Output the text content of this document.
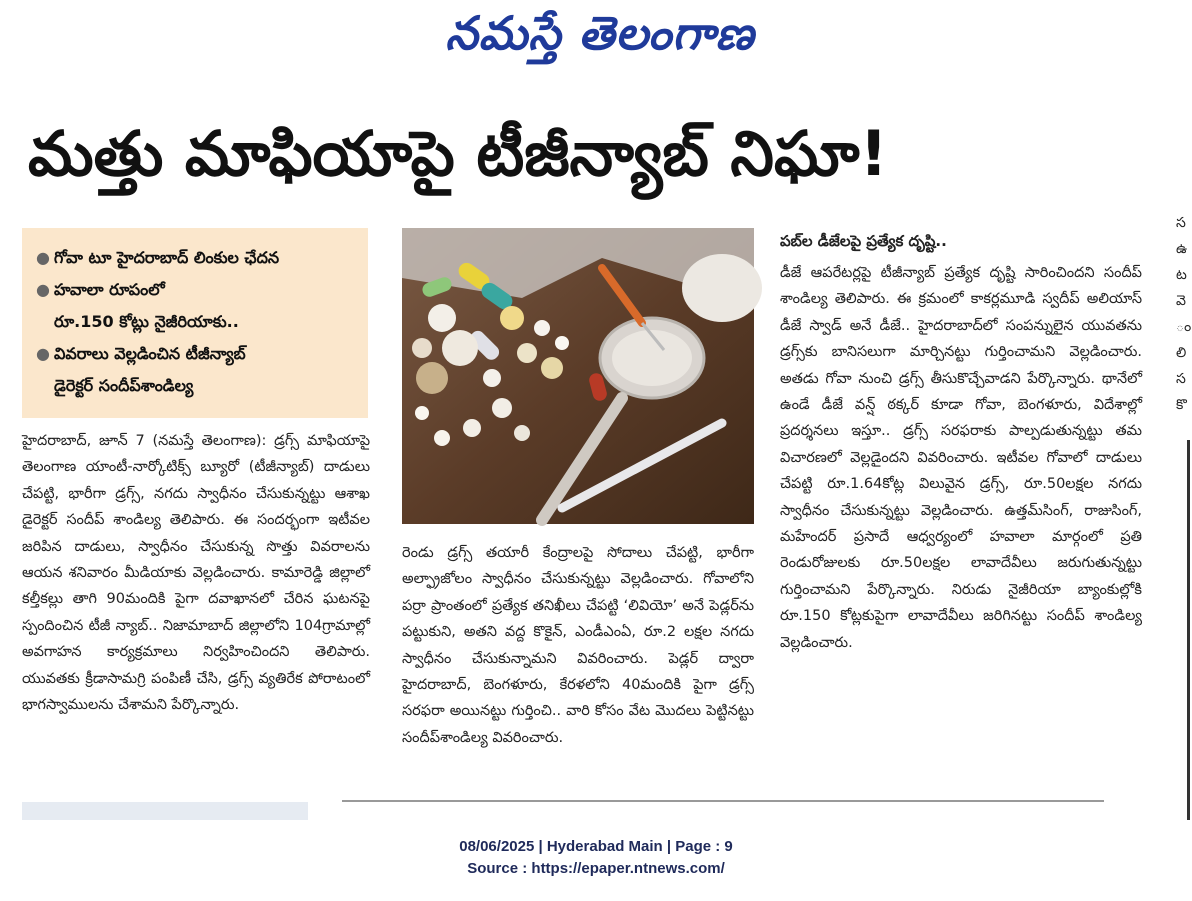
నమస్తే తెలంగాణ
మత్తు మాఫియాపై టీజీన్యాబ్ నిఘా!
● గోవా టూ హైదరాబాద్ లింకుల ఛేదన
● హవాలా రూపంలో
రూ.150 కోట్లు నైజీరియాకు..
● వివరాలు వెల్లడించిన టీజీన్యాబ్
డైరెక్టర్ సందీప్‌శాండిల్య
హైదరాబాద్, జూన్ 7 (నమస్తే తెలంగాణ): డ్రగ్స్ మాఫియాపై తెలంగాణ యాంటీ-నార్కోటిక్స్ బ్యూరో (టీజీన్యాబ్) దాడులు చేపట్టి, భారీగా డ్రగ్స్, నగదు స్వాధీనం చేసుకున్నట్టు ఆశాఖ డైరెక్టర్ సందీప్ శాండిల్య తెలిపారు. ఈ సందర్భంగా ఇటీవల జరిపిన దాడులు, స్వాధీనం చేసుకున్న సొత్తు వివరాలను ఆయన శనివారం మీడియాకు వెల్లడించారు. కామారెడ్డి జిల్లాలో కల్తీకల్లు తాగి 90మందికి పైగా దవాఖానలో చేరిన ఘటనపై స్పందించిన టీజీ న్యాబ్.. నిజామాబాద్ జిల్లాలోని 104గ్రామాల్లో అవగాహన కార్యక్రమాలు నిర్వహించిందని తెలిపారు. యువతకు క్రీడాసామగ్రి పంపిణీ చేసి, డ్రగ్స్ వ్యతిరేక పోరాటంలో భాగస్వాములను చేశామని పేర్కొన్నారు.
రెండు డ్రగ్స్ తయారీ కేంద్రాలపై సోదాలు చేపట్టి, భారీగా అల్ఫ్రాజోలం స్వాధీనం చేసుకున్నట్టు వెల్లడించారు. గోవాలోని పర్రా ప్రాంతంలో ప్రత్యేక తనిఖీలు చేపట్టి ‘లివియో’ అనే పెడ్లర్‌ను పట్టుకుని, అతని వద్ద కొకైన్, ఎండీఎంఏ, రూ.2 లక్షల నగదు స్వాధీనం చేసుకున్నామని వివరించారు. పెడ్లర్ ద్వారా హైదరాబాద్, బెంగళూరు, కేరళలోని 40మందికి పైగా డ్రగ్స్ సరఫరా అయినట్టు గుర్తించి.. వారి కోసం వేట మొదలు పెట్టినట్టు సందీప్‌శాండిల్య వివరించారు.
పబ్‌ల డీజేలపై ప్రత్యేక దృష్టి..
డీజే ఆపరేటర్లపై టీజీన్యాబ్ ప్రత్యేక దృష్టి సారించిందని సందీప్ శాండిల్య తెలిపారు. ఈ క్రమంలో కాకర్లమూడి స్వదీప్ అలియాస్ డీజే స్వాడ్ అనే డీజే.. హైదరాబాద్‌లో సంపన్నులైన యువతను డ్రగ్స్‌కు బానిసలుగా మార్చినట్టు గుర్తించామని వెల్లడించారు. అతడు గోవా నుంచి డ్రగ్స్ తీసుకొచ్చేవాడని పేర్కొన్నారు. థానేలో ఉండే డీజే వన్ష్ ఠక్కర్ కూడా గోవా, బెంగళూరు, విదేశాల్లో ప్రదర్శనలు ఇస్తూ.. డ్రగ్స్ సరఫరాకు పాల్పడుతున్నట్టు తమ విచారణలో వెల్లడైందని వివరించారు. ఇటీవల గోవాలో దాడులు చేపట్టి రూ.1.64కోట్ల విలువైన డ్రగ్స్, రూ.50లక్షల నగదు స్వాధీనం చేసుకున్నట్టు వెల్లడించారు. ఉత్తమ్‌సింగ్, రాజుసింగ్, మహేందర్ ప్రసాదే ఆధ్వర్యంలో హవాలా మార్గంలో ప్రతి రెండురోజులకు రూ.50లక్షల లావాదేవీలు జరుగుతున్నట్టు గుర్తించామని పేర్కొన్నారు. నిరుడు నైజీరియా బ్యాంకుల్లోకి రూ.150 కోట్లకుపైగా లావాదేవీలు జరిగినట్టు సందీప్ శాండిల్య వెల్లడించారు.
స
ఉ
ట
వె
ం
లి
స
కొ
08/06/2025 | Hyderabad Main | Page : 9
Source : https://epaper.ntnews.com/
